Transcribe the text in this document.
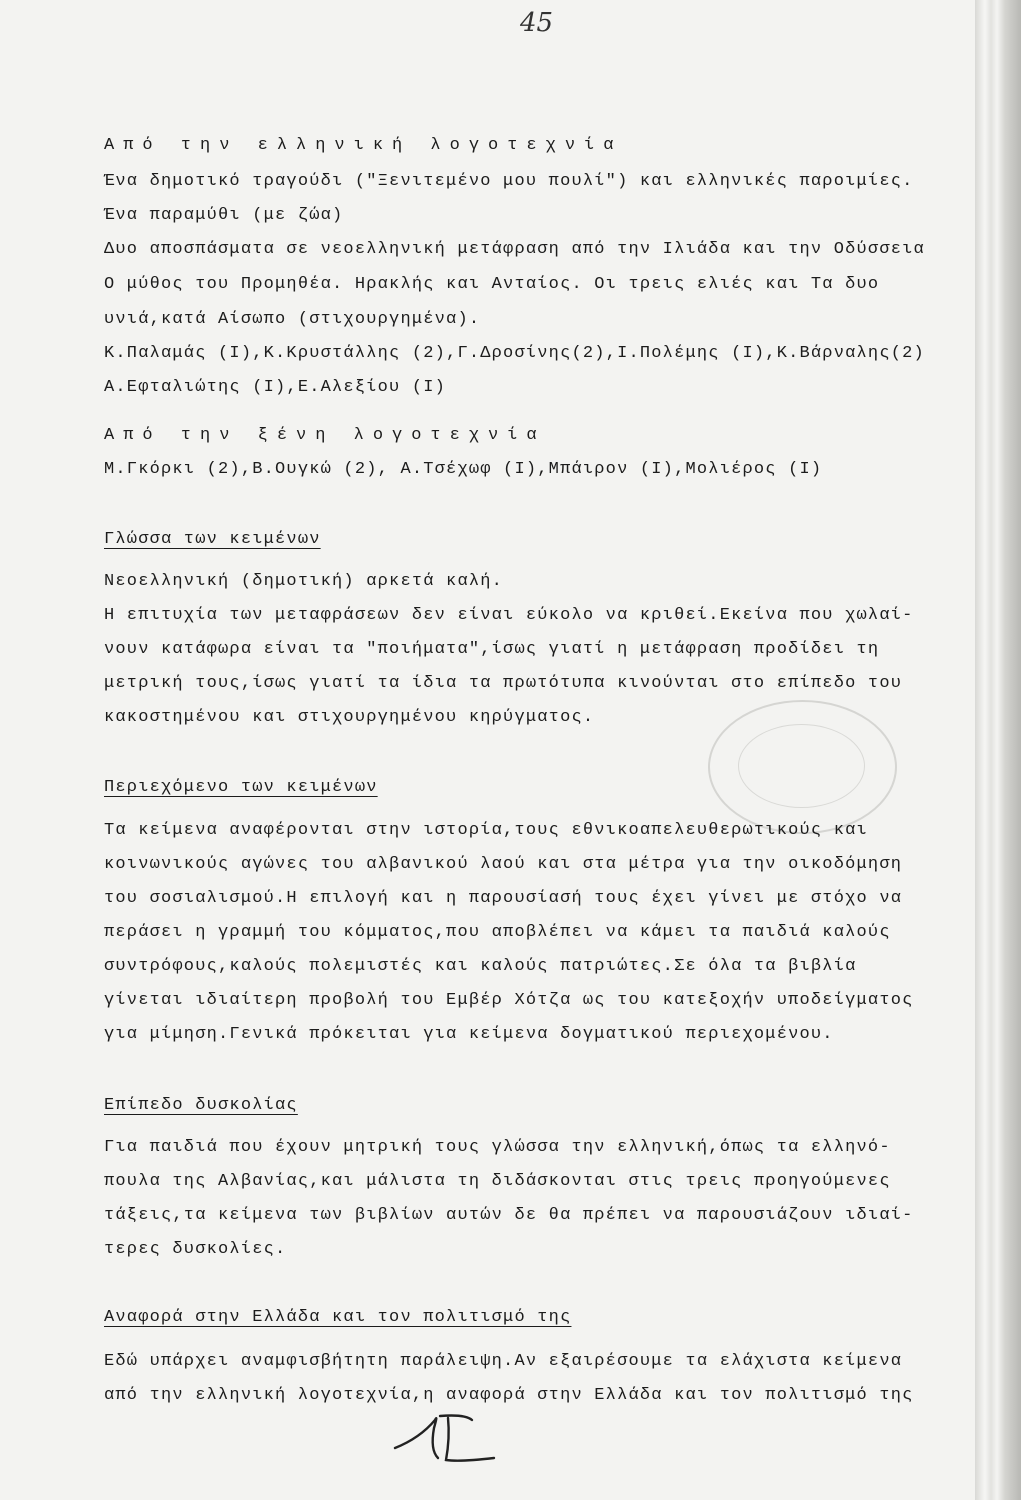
45
Από την ελληνική λογοτεχνία
Ένα δημοτικό τραγούδι ("Ξενιτεμένο μου πουλί") και ελληνικές παροιμίες.
Ένα παραμύθι (με ζώα)
Δυο αποσπάσματα σε νεοελληνική μετάφραση από την Ιλιάδα και την Οδύσσεια
Ο μύθος του Προμηθέα. Ηρακλής και Ανταίος. Οι τρεις ελιές και Τα δυο
υνιά,κατά Αίσωπο (στιχουργημένα).
Κ.Παλαμάς (Ι),Κ.Κρυστάλλης (2),Γ.Δροσίνης(2),Ι.Πολέμης (Ι),Κ.Βάρναλης(2)
Α.Εφταλιώτης (Ι),Ε.Αλεξίου (Ι)
Από την ξένη λογοτεχνία
Μ.Γκόρκι (2),Β.Ουγκώ (2), Α.Τσέχωφ (Ι),Μπάιρον (Ι),Μολιέρος (Ι)
Γλώσσα των κειμένων
Νεοελληνική (δημοτική) αρκετά καλή.
Η επιτυχία των μεταφράσεων δεν είναι εύκολο να κριθεί.Εκείνα που χωλαί-
νουν κατάφωρα είναι τα "ποιήματα",ίσως γιατί η μετάφραση προδίδει τη
μετρική τους,ίσως γιατί τα ίδια τα πρωτότυπα κινούνται στο επίπεδο του
κακοστημένου και στιχουργημένου κηρύγματος.
Περιεχόμενο των κειμένων
Τα κείμενα αναφέρονται στην ιστορία,τους εθνικοαπελευθερωτικούς και
κοινωνικούς αγώνες του αλβανικού λαού και στα μέτρα για την οικοδόμηση
του σοσιαλισμού.Η επιλογή και η παρουσίασή τους έχει γίνει με στόχο να
περάσει η γραμμή του κόμματος,που αποβλέπει να κάμει τα παιδιά καλούς
συντρόφους,καλούς πολεμιστές και καλούς πατριώτες.Σε όλα τα βιβλία
γίνεται ιδιαίτερη προβολή του Εμβέρ Χότζα ως του κατεξοχήν υποδείγματος
για μίμηση.Γενικά πρόκειται για κείμενα δογματικού περιεχομένου.
Επίπεδο δυσκολίας
Για παιδιά που έχουν μητρική τους γλώσσα την ελληνική,όπως τα ελληνό-
πουλα της Αλβανίας,και μάλιστα τη διδάσκονται στις τρεις προηγούμενες
τάξεις,τα κείμενα των βιβλίων αυτών δε θα πρέπει να παρουσιάζουν ιδιαί-
τερες δυσκολίες.
Αναφορά στην Ελλάδα και τον πολιτισμό της
Εδώ υπάρχει αναμφισβήτητη παράλειψη.Αν εξαιρέσουμε τα ελάχιστα κείμενα
από την ελληνική λογοτεχνία,η αναφορά στην Ελλάδα και τον πολιτισμό της
